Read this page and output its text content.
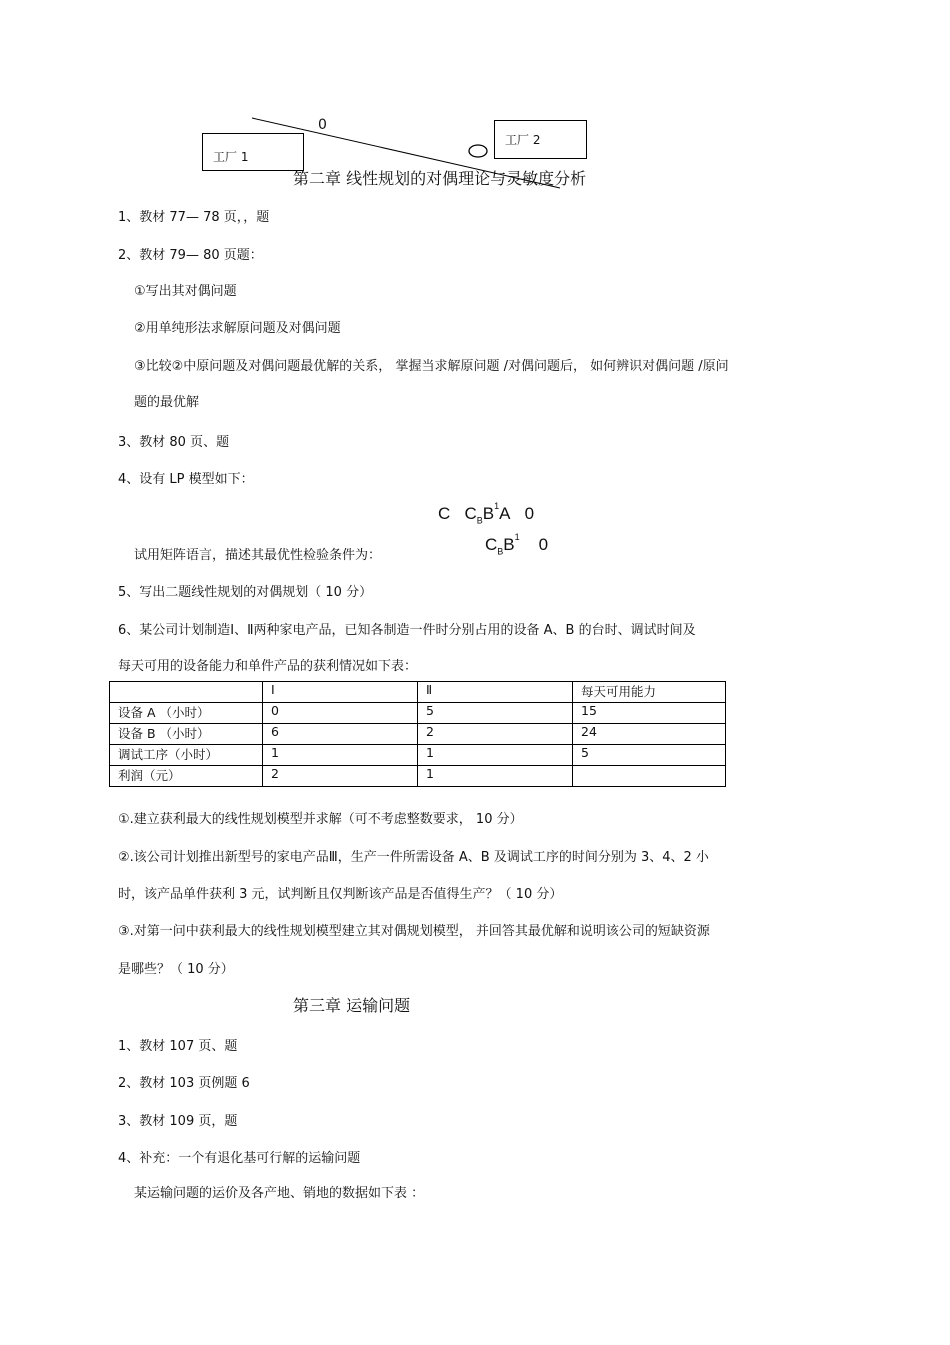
0
工厂 1
工厂 2
第二章 线性规划的对偶理论与灵敏度分析
1、教材 77— 78 页，，题
2、教材 79— 80 页题：
①写出其对偶问题
②用单纯形法求解原问题及对偶问题
③比较②中原问题及对偶问题最优解的关系， 掌握当求解原问题 /对偶问题后， 如何辨识对偶问题 /原问
题的最优解
3、教材 80 页、题
4、设有 LP 模型如下：
C $C_BB^1A$ 0
$C_BB^1$ 0
试用矩阵语言，描述其最优性检验条件为：
5、写出二题线性规划的对偶规划（ 10 分）
6、某公司计划制造Ⅰ、Ⅱ两种家电产品，已知各制造一件时分别占用的设备 A、B 的台时、调试时间及
每天可用的设备能力和单件产品的获利情况如下表：
	Ⅰ	Ⅱ	每天可用能力
设备 A （小时）	0	5	15
设备 B （小时）	6	2	24
调试工序（小时）	1	1	5
利润（元）	2	1	
①.建立获利最大的线性规划模型并求解（可不考虑整数要求， 10 分）
②.该公司计划推出新型号的家电产品Ⅲ，生产一件所需设备 A、B 及调试工序的时间分别为 3、4、2 小
时，该产品单件获利 3 元，试判断且仅判断该产品是否值得生产？（ 10 分）
③.对第一问中获利最大的线性规划模型建立其对偶规划模型， 并回答其最优解和说明该公司的短缺资源
是哪些？（ 10 分）
第三章 运输问题
1、教材 107 页、题
2、教材 103 页例题 6
3、教材 109 页，题
4、补充：一个有退化基可行解的运输问题
某运输问题的运价及各产地、销地的数据如下表 ：
